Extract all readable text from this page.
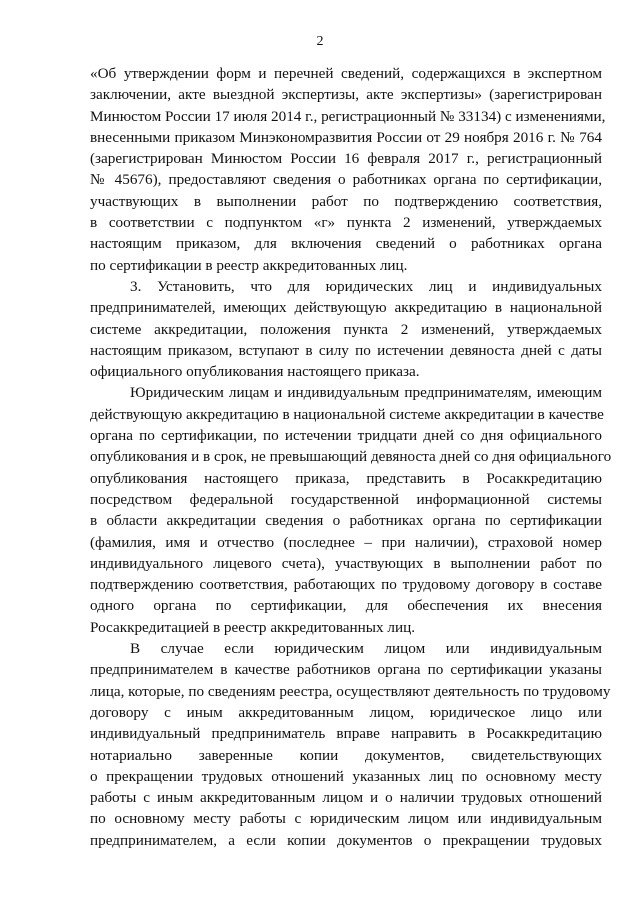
2
«Об утверждении форм и перечней сведений, содержащихся в экспертном
заключении, акте выездной экспертизы, акте экспертизы» (зарегистрирован
Минюстом России 17 июля 2014 г., регистрационный № 33134) с изменениями,
внесенными приказом Минэкономразвития России от 29 ноября 2016 г. № 764
(зарегистрирован Минюстом России 16 февраля 2017 г., регистрационный
№ 45676), предоставляют сведения о работниках органа по сертификации,
участвующих в выполнении работ по подтверждению соответствия,
в соответствии с подпунктом «г» пункта 2 изменений, утверждаемых
настоящим приказом, для включения сведений о работниках органа
по сертификации в реестр аккредитованных лиц.
3. Установить, что для юридических лиц и индивидуальных
предпринимателей, имеющих действующую аккредитацию в национальной
системе аккредитации, положения пункта 2 изменений, утверждаемых
настоящим приказом, вступают в силу по истечении девяноста дней с даты
официального опубликования настоящего приказа.
Юридическим лицам и индивидуальным предпринимателям, имеющим
действующую аккредитацию в национальной системе аккредитации в качестве
органа по сертификации, по истечении тридцати дней со дня официального
опубликования и в срок, не превышающий девяноста дней со дня официального
опубликования настоящего приказа, представить в Росаккредитацию
посредством федеральной государственной информационной системы
в области аккредитации сведения о работниках органа по сертификации
(фамилия, имя и отчество (последнее – при наличии), страховой номер
индивидуального лицевого счета), участвующих в выполнении работ по
подтверждению соответствия, работающих по трудовому договору в составе
одного органа по сертификации, для обеспечения их внесения
Росаккредитацией в реестр аккредитованных лиц.
В случае если юридическим лицом или индивидуальным
предпринимателем в качестве работников органа по сертификации указаны
лица, которые, по сведениям реестра, осуществляют деятельность по трудовому
договору с иным аккредитованным лицом, юридическое лицо или
индивидуальный предприниматель вправе направить в Росаккредитацию
нотариально заверенные копии документов, свидетельствующих
о прекращении трудовых отношений указанных лиц по основному месту
работы с иным аккредитованным лицом и о наличии трудовых отношений
по основному месту работы с юридическим лицом или индивидуальным
предпринимателем, а если копии документов о прекращении трудовых
